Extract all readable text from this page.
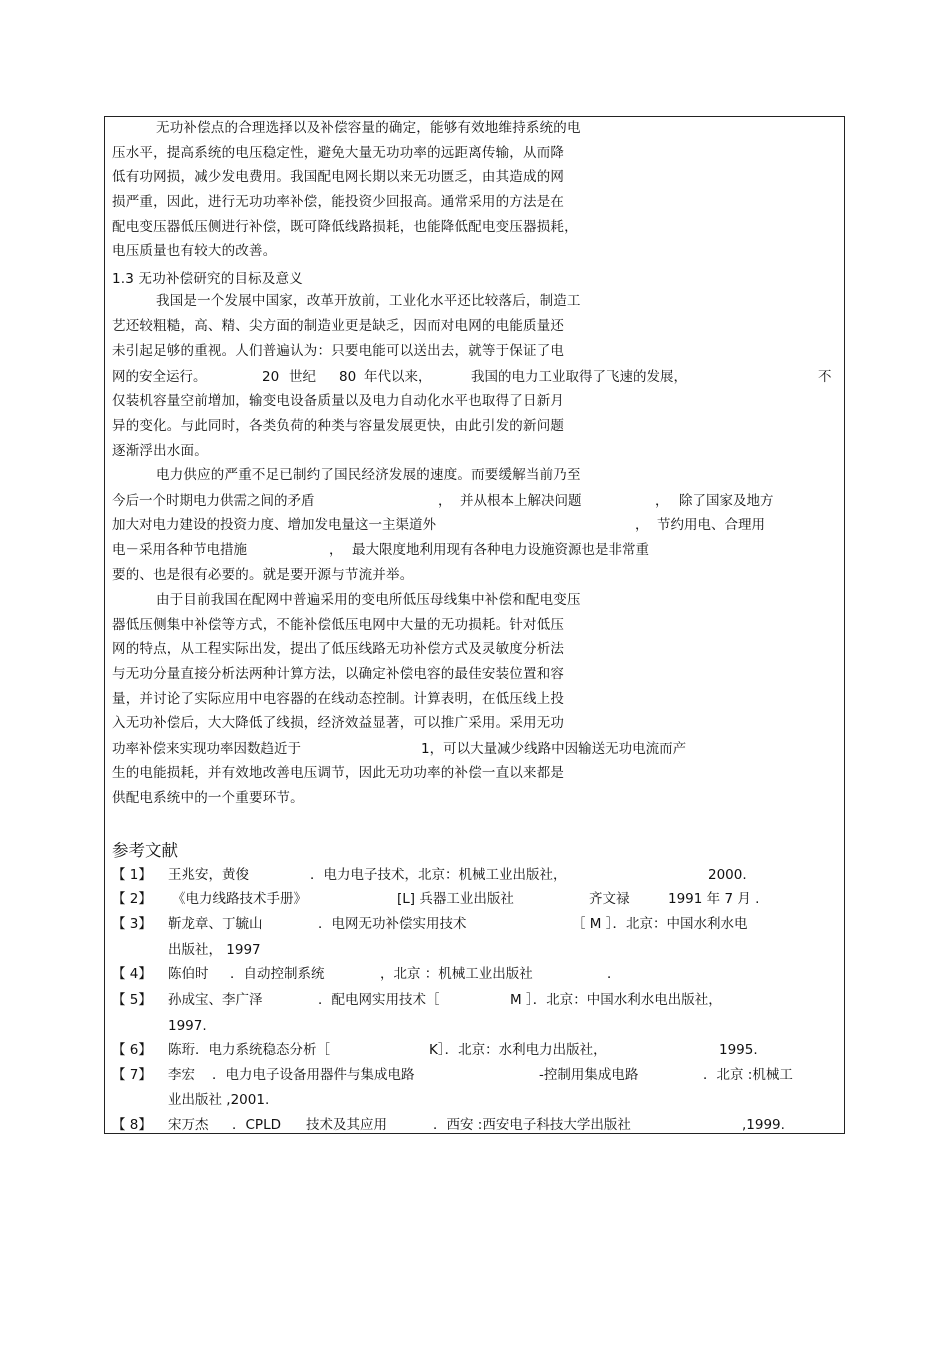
无功补偿点的合理选择以及补偿容量的确定，能够有效地维持系统的电
压水平，提高系统的电压稳定性，避免大量无功功率的远距离传输，从而降
低有功网损，减少发电费用。我国配电网长期以来无功匮乏，由其造成的网
损严重，因此，进行无功功率补偿，能投资少回报高。通常采用的方法是在
配电变压器低压侧进行补偿，既可降低线路损耗，也能降低配电变压器损耗，
电压质量也有较大的改善。
1.3 无功补偿研究的目标及意义
我国是一个发展中国家，改革开放前，工业化水平还比较落后，制造工
艺还较粗糙，高、精、尖方面的制造业更是缺乏，因而对电网的电能质量还
未引起足够的重视。人们普遍认为：只要电能可以送出去，就等于保证了电
网的安全运行。	20 世纪 80 年代以来，	我国的电力工业取得了飞速的发展，	不
仅装机容量空前增加，输变电设备质量以及电力自动化水平也取得了日新月
异的变化。与此同时，各类负荷的种类与容量发展更快，由此引发的新问题
逐渐浮出水面。
电力供应的严重不足已制约了国民经济发展的速度。而要缓解当前乃至
今后一个时期电力供需之间的矛盾	， 并从根本上解决问题	， 除了国家及地方
加大对电力建设的投资力度、增加发电量这一主渠道外	， 节约用电、合理用
电－采用各种节电措施	， 最大限度地利用现有各种电力设施资源也是非常重
要的、也是很有必要的。就是要开源与节流并举。
由于目前我国在配网中普遍采用的变电所低压母线集中补偿和配电变压
器低压侧集中补偿等方式，不能补偿低压电网中大量的无功损耗。针对低压
网的特点，从工程实际出发，提出了低压线路无功补偿方式及灵敏度分析法
与无功分量直接分析法两种计算方法，以确定补偿电容的最佳安装位置和容
量，并讨论了实际应用中电容器的在线动态控制。计算表明，在低压线上投
入无功补偿后，大大降低了线损，经济效益显著，可以推广采用。采用无功
功率补偿来实现功率因数趋近于	1，可以大量减少线路中因输送无功电流而产
生的电能损耗，并有效地改善电压调节，因此无功功率的补偿一直以来都是
供配电系统中的一个重要环节。
参考文献
【 1】	王兆安，黄俊	．电力电子技术，北京：机械工业出版社，	2000.
【 2】	《电力线路技术手册》	[L] 兵器工业出版社	齐文禄	1991 年 7 月 .
【 3】	靳龙章、丁毓山	．电网无功补偿实用技术	［ M ］．北京：中国水利水电
出版社， 1997
【 4】	陈伯时 ．自动控制系统	，北京 ：机械工业出版社	．
【 5】	孙成宝、李广泽	．配电网实用技术［	M ］．北京：中国水利水电出版社，
1997.
【 6】	陈珩．电力系统稳态分析［	K］．北京：水利电力出版社，	1995.
【 7】	李宏 ．电力电子设备用器件与集成电路	-控制用集成电路	．北京 :机械工
业出版社 ,2001.
【 8】	宋万杰 ．CPLD 技术及其应用	．西安 :西安电子科技大学出版社	,1999.
